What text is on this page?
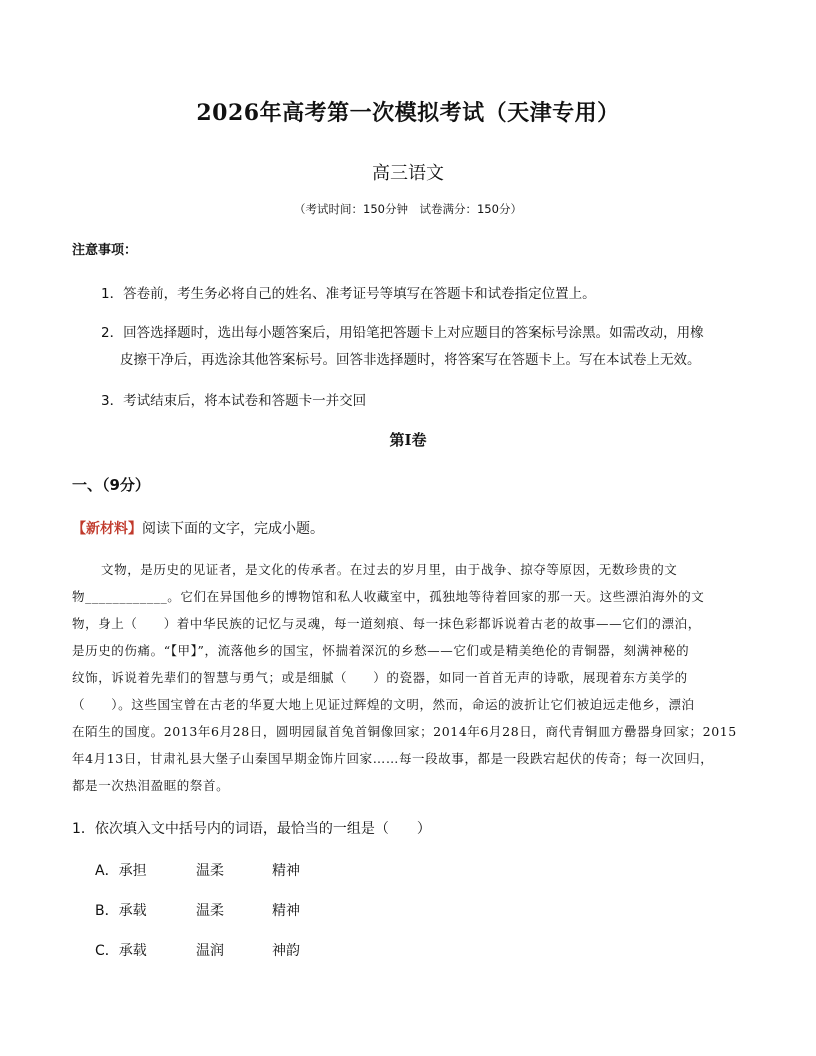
2026年高考第一次模拟考试（天津专用）
高三语文
（考试时间：150分钟　试卷满分：150分）
注意事项：
1．答卷前，考生务必将自己的姓名、准考证号等填写在答题卡和试卷指定位置上。
2．回答选择题时，选出每小题答案后，用铅笔把答题卡上对应题目的答案标号涂黑。如需改动，用橡
皮擦干净后，再选涂其他答案标号。回答非选择题时，将答案写在答题卡上。写在本试卷上无效。
3．考试结束后，将本试卷和答题卡一并交回
第Ⅰ卷
一、（9分）
【新材料】阅读下面的文字，完成小题。
文物，是历史的见证者，是文化的传承者。在过去的岁月里，由于战争、掠夺等原因，无数珍贵的文
物____________。它们在异国他乡的博物馆和私人收藏室中，孤独地等待着回家的那一天。这些漂泊海外的文
物，身上（　　）着中华民族的记忆与灵魂，每一道刻痕、每一抹色彩都诉说着古老的故事——它们的漂泊，
是历史的伤痛。“【甲】”，流落他乡的国宝，怀揣着深沉的乡愁——它们或是精美绝伦的青铜器，刻满神秘的
纹饰，诉说着先辈们的智慧与勇气；或是细腻（　　）的瓷器，如同一首首无声的诗歌，展现着东方美学的
（　　）。这些国宝曾在古老的华夏大地上见证过辉煌的文明，然而，命运的波折让它们被迫远走他乡，漂泊
在陌生的国度。2013年6月28日，圆明园鼠首兔首铜像回家；2014年6月28日，商代青铜皿方罍器身回家；2015
年4月13日，甘肃礼县大堡子山秦国早期金饰片回家……每一段故事，都是一段跌宕起伏的传奇；每一次回归，
都是一次热泪盈眶的祭首。
1．依次填入文中括号内的词语，最恰当的一组是（　　）
A．承担	温柔	精神
B．承载	温柔	精神
C．承载	温润	神韵
